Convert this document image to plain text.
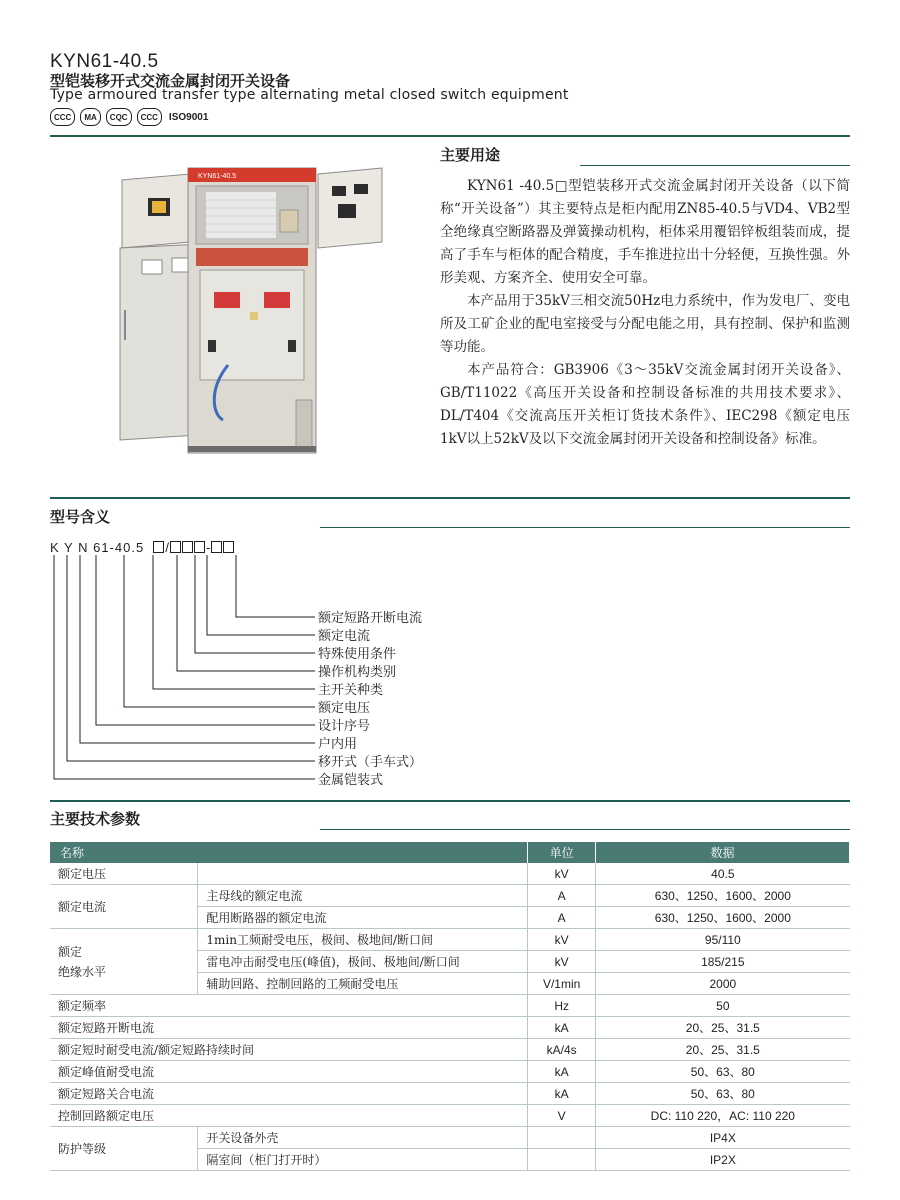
KYN61-40.5
型铠装移开式交流金属封闭开关设备
Type armoured transfer type alternating metal closed switch equipment
CCC	MA	CQC	CCC	ISO9001
KYN61-40.5
主要用途

KYN61 -40.5□型铠装移开式交流金属封闭开关设备（以下简称“开关设备”）其主要特点是柜内配用ZN85-40.5与VD4、VB2型全绝缘真空断路器及弹簧操动机构，柜体采用覆铝锌板组装而成，提高了手车与柜体的配合精度，手车推进拉出十分轻便，互换性强。外形美观、方案齐全、使用安全可靠。

本产品用于35kV三相交流50Hz电力系统中，作为发电厂、变电所及工矿企业的配电室接受与分配电能之用，具有控制、保护和监测等功能。

本产品符合：GB3906《3～35kV交流金属封闭开关设备》、GB/T11022《高压开关设备和控制设备标准的共用技术要求》、DL/T404《交流高压开关柜订货技术条件》、IEC298《额定电压1kV以上52kV及以下交流金属封闭开关设备和控制设备》标准。

型号含义
K Y N 61-40.5 /	-
额定短路开断电流
额定电流
特殊使用条件
操作机构类别
主开关种类
额定电压
设计序号
户内用
移开式（手车式）
金属铠装式
主要技术参数
名称		单位	数据
额定电压		kV	40.5
额定电流	主母线的额定电流	A	630、1250、1600、2000
	配用断路器的额定电流	A	630、1250、1600、2000
额定
绝缘水平	1min工频耐受电压，极间、极地间/断口间	kV	95/110
	雷电冲击耐受电压(峰值)，极间、极地间/断口间	kV	185/215
	辅助回路、控制回路的工频耐受电压	V/1min	2000
额定频率		Hz	50
额定短路开断电流		kA	20、25、31.5
额定短时耐受电流/额定短路持续时间		kA/4s	20、25、31.5
额定峰值耐受电流		kA	50、63、80
额定短路关合电流		kA	50、63、80
控制回路额定电压		V	DC: 110 220，AC: 110 220
防护等级	开关设备外壳		IP4X
	隔室间（柜门打开时）		IP2X
